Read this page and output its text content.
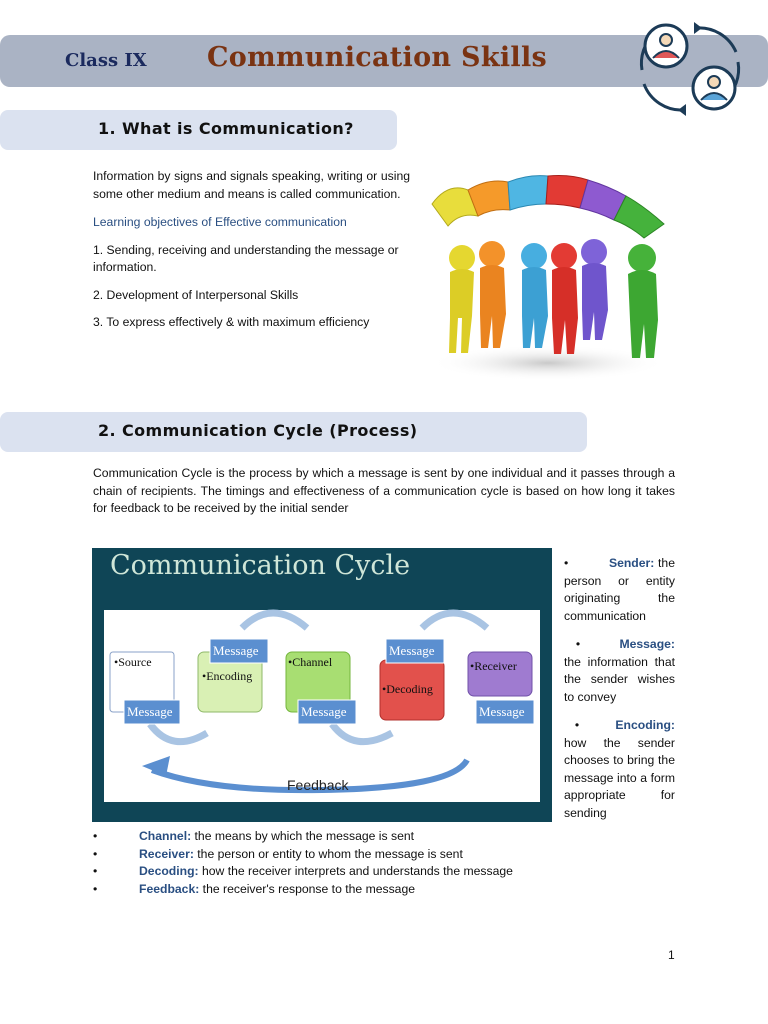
Class IX Communication Skills
1. What is Communication?

Information by signs and signals speaking, writing or using some other medium and means is called communication.

Learning objectives of Effective communication

1. Sending, receiving and understanding the message or information.

2. Development of Interpersonal Skills

3. To express effectively & with maximum efficiency

2. Communication Cycle (Process)

Communication Cycle is the process by which a message is sent by one individual and it passes through a chain of recipients. The timings and effectiveness of a communication cycle is based on how long it takes for feedback to be received by the initial sender

Communication Cycle
Feedback
•Source
Message
•Encoding
Message
•Channel
Message
•Decoding
Message
•Receiver
Message

•	Sender: the person or entity originating the communication

•	Message: the information that the sender wishes to convey

•	Encoding: how the sender chooses to bring the message into a form appropriate for sending

•	Channel: the means by which the message is sent
•	Receiver: the person or entity to whom the message is sent
•	Decoding: how the receiver interprets and understands the message
•	Feedback: the receiver's response to the message
1
